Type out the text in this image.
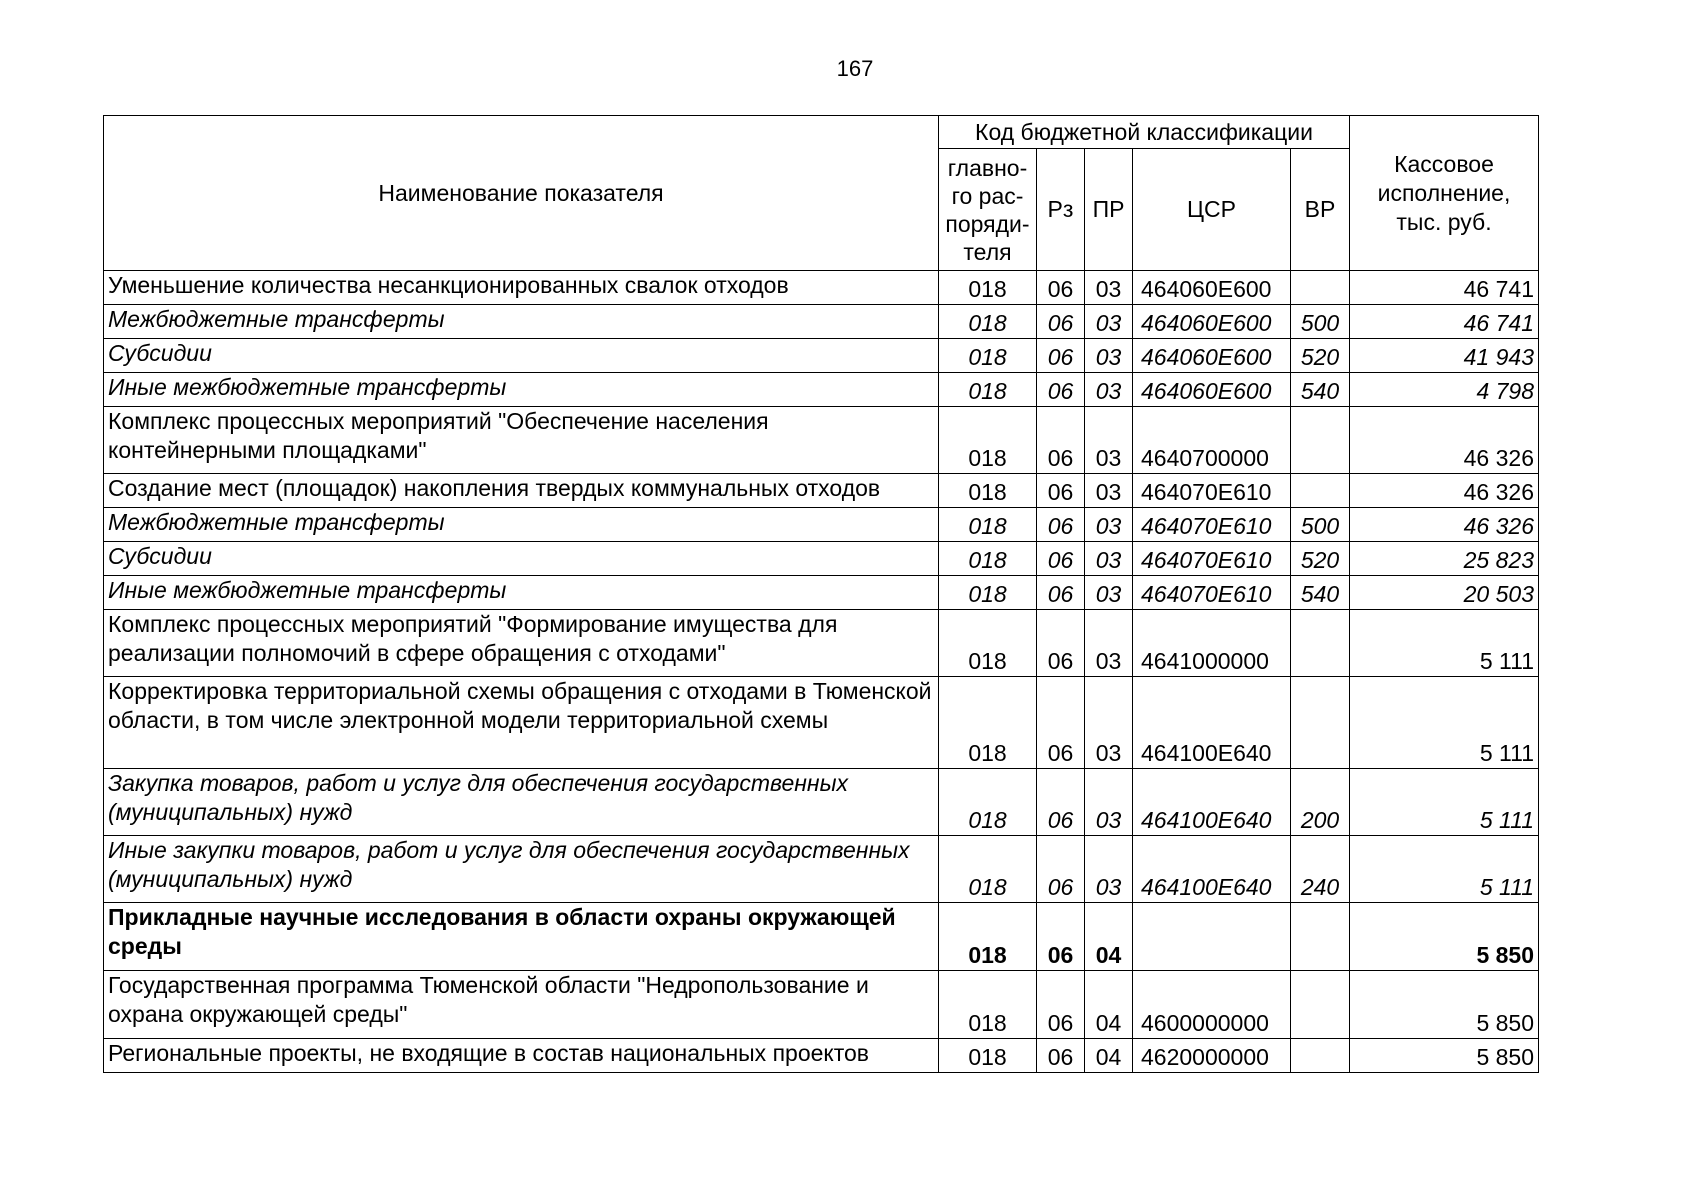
167
Наименование показателя	Код бюджетной классификации					Кассовое
исполнение,
тыс. руб.

	главно-
го рас-
поряди-
теля	Рз	ПР	ЦСР	ВР	
Уменьшение количества несанкционированных свалок отходов	018	06	03	464060Е600		46 741
Межбюджетные трансферты	018	06	03	464060Е600	500	46 741
Субсидии	018	06	03	464060Е600	520	41 943
Иные межбюджетные трансферты	018	06	03	464060Е600	540	4 798
Комплекс процессных мероприятий "Обеспечение населения контейнерными площадками"	018	06	03	4640700000		46 326
Создание мест (площадок) накопления твердых коммунальных отходов	018	06	03	464070Е610		46 326
Межбюджетные трансферты	018	06	03	464070Е610	500	46 326
Субсидии	018	06	03	464070Е610	520	25 823
Иные межбюджетные трансферты	018	06	03	464070Е610	540	20 503
Комплекс процессных мероприятий "Формирование имущества для реализации полномочий в сфере обращения с отходами"	018	06	03	4641000000		5 111
Корректировка территориальной схемы обращения с отходами в Тюменской области, в том числе электронной модели территориальной схемы	018	06	03	464100Е640		5 111
Закупка товаров, работ и услуг для обеспечения государственных (муниципальных) нужд	018	06	03	464100Е640	200	5 111
Иные закупки товаров, работ и услуг для обеспечения государственных (муниципальных) нужд	018	06	03	464100Е640	240	5 111
Прикладные научные исследования в области охраны окружающей среды	018	06	04			5 850
Государственная программа Тюменской области "Недропользование и охрана окружающей среды"	018	06	04	4600000000		5 850
Региональные проекты, не входящие в состав национальных проектов	018	06	04	4620000000		5 850
